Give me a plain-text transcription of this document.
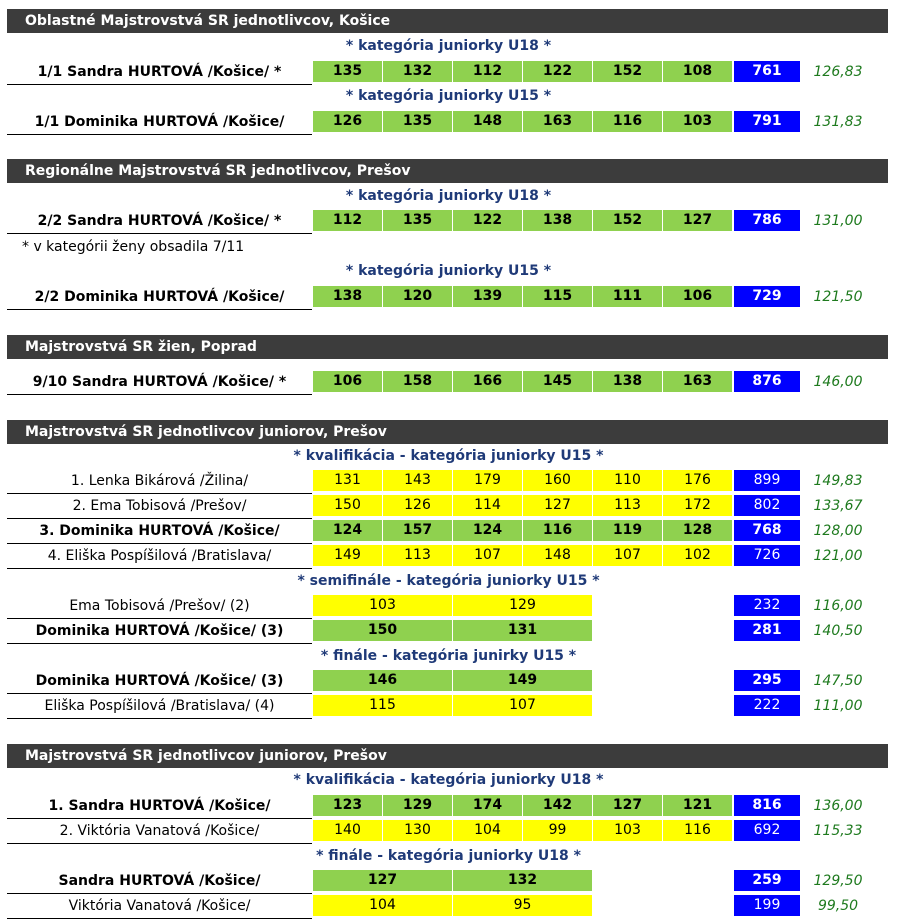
Oblastné Majstrovstvá SR jednotlivcov, Košice
* kategória juniorky U18 *
1/1 Sandra HURTOVÁ /Košice/ *	135	132	112	122	152	108	761	126,83
* kategória juniorky U15 *
1/1 Dominika HURTOVÁ /Košice/	126	135	148	163	116	103	791	131,83
Regionálne Majstrovstvá SR jednotlivcov, Prešov
* kategória juniorky U18 *
2/2 Sandra HURTOVÁ /Košice/ *	112	135	122	138	152	127	786	131,00
* v kategórii ženy obsadila 7/11
* kategória juniorky U15 *
2/2 Dominika HURTOVÁ /Košice/	138	120	139	115	111	106	729	121,50
Majstrovstvá SR žien, Poprad
9/10 Sandra HURTOVÁ /Košice/ *	106	158	166	145	138	163	876	146,00
Majstrovstvá SR jednotlivcov juniorov, Prešov
* kvalifikácia - kategória juniorky U15 *
1. Lenka Bikárová /Žilina/	131	143	179	160	110	176	899	149,83
2. Ema Tobisová /Prešov/	150	126	114	127	113	172	802	133,67
3. Dominika HURTOVÁ /Košice/	124	157	124	116	119	128	768	128,00
4. Eliška Pospíšilová /Bratislava/	149	113	107	148	107	102	726	121,00
* semifinále - kategória juniorky U15 *
Ema Tobisová /Prešov/ (2)	103	129	232	116,00
Dominika HURTOVÁ /Košice/ (3)	150	131	281	140,50
* finále - kategória junirky U15 *
Dominika HURTOVÁ /Košice/ (3)	146	149	295	147,50
Eliška Pospíšilová /Bratislava/ (4)	115	107	222	111,00
Majstrovstvá SR jednotlivcov juniorov, Prešov
* kvalifikácia - kategória juniorky U18 *
1. Sandra HURTOVÁ /Košice/	123	129	174	142	127	121	816	136,00
2. Viktória Vanatová /Košice/	140	130	104	99	103	116	692	115,33
* finále - kategória juniorky U18 *
Sandra HURTOVÁ /Košice/	127	132	259	129,50
Viktória Vanatová /Košice/	104	95	199	99,50
